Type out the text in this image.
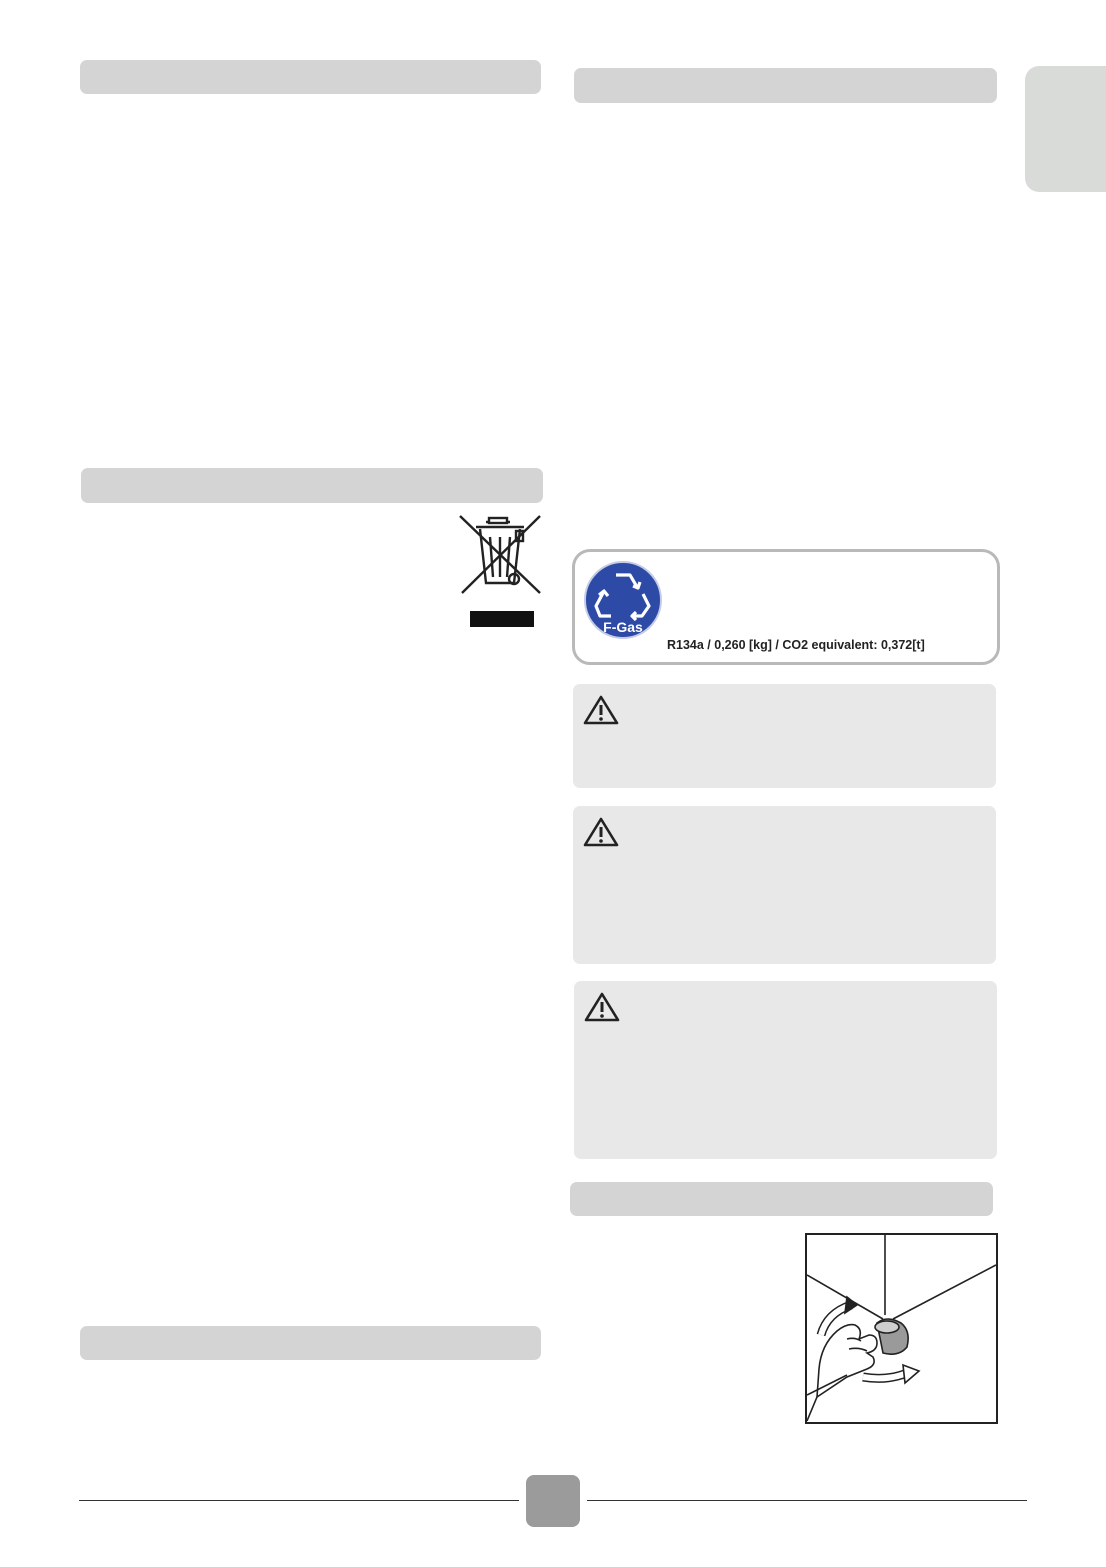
F-Gas
R134a / 0,260 [kg] / CO2 equivalent: 0,372[t]
